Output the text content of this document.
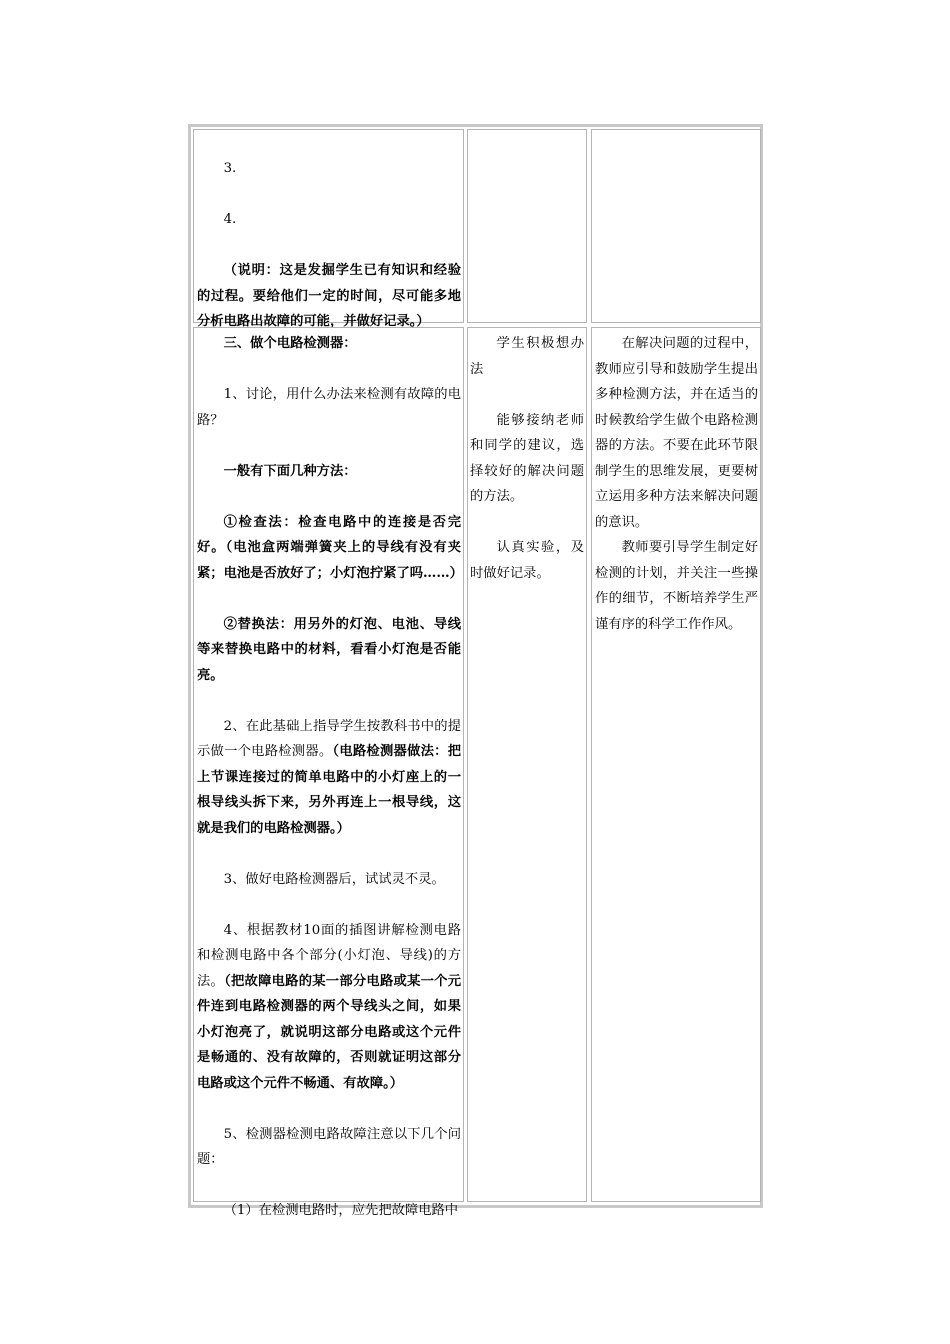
3.

4.

（说明：这是发掘学生已有知识和经验的过程。要给他们一定的时间，尽可能多地分析电路出故障的可能，并做好记录。）

三、做个电路检测器：

1、讨论，用什么办法来检测有故障的电路？

一般有下面几种方法：

①检查法：检查电路中的连接是否完好。（电池盒两端弹簧夹上的导线有没有夹紧；电池是否放好了；小灯泡拧紧了吗……）

②替换法：用另外的灯泡、电池、导线等来替换电路中的材料，看看小灯泡是否能亮。

2、在此基础上指导学生按教科书中的提示做一个电路检测器。（电路检测器做法：把上节课连接过的简单电路中的小灯座上的一根导线头拆下来，另外再连上一根导线，这就是我们的电路检测器。）

3、做好电路检测器后，试试灵不灵。

4、根据教材10面的插图讲解检测电路和检测电路中各个部分(小灯泡、导线)的方法。（把故障电路的某一部分电路或某一个元件连到电路检测器的两个导线头之间，如果小灯泡亮了，就说明这部分电路或这个元件是畅通的、没有故障的，否则就证明这部分电路或这个元件不畅通、有故障。）

5、检测器检测电路故障注意以下几个问题：

（1）在检测电路时，应先把故障电路中

学生积极想办法

能够接纳老师和同学的建议，选择较好的解决问题的方法。

认真实验，及时做好记录。

在解决问题的过程中，教师应引导和鼓励学生提出多种检测方法，并在适当的时候教给学生做个电路检测器的方法。不要在此环节限制学生的思维发展，更要树立运用多种方法来解决问题的意识。

教师要引导学生制定好检测的计划，并关注一些操作的细节，不断培养学生严谨有序的科学工作作风。
